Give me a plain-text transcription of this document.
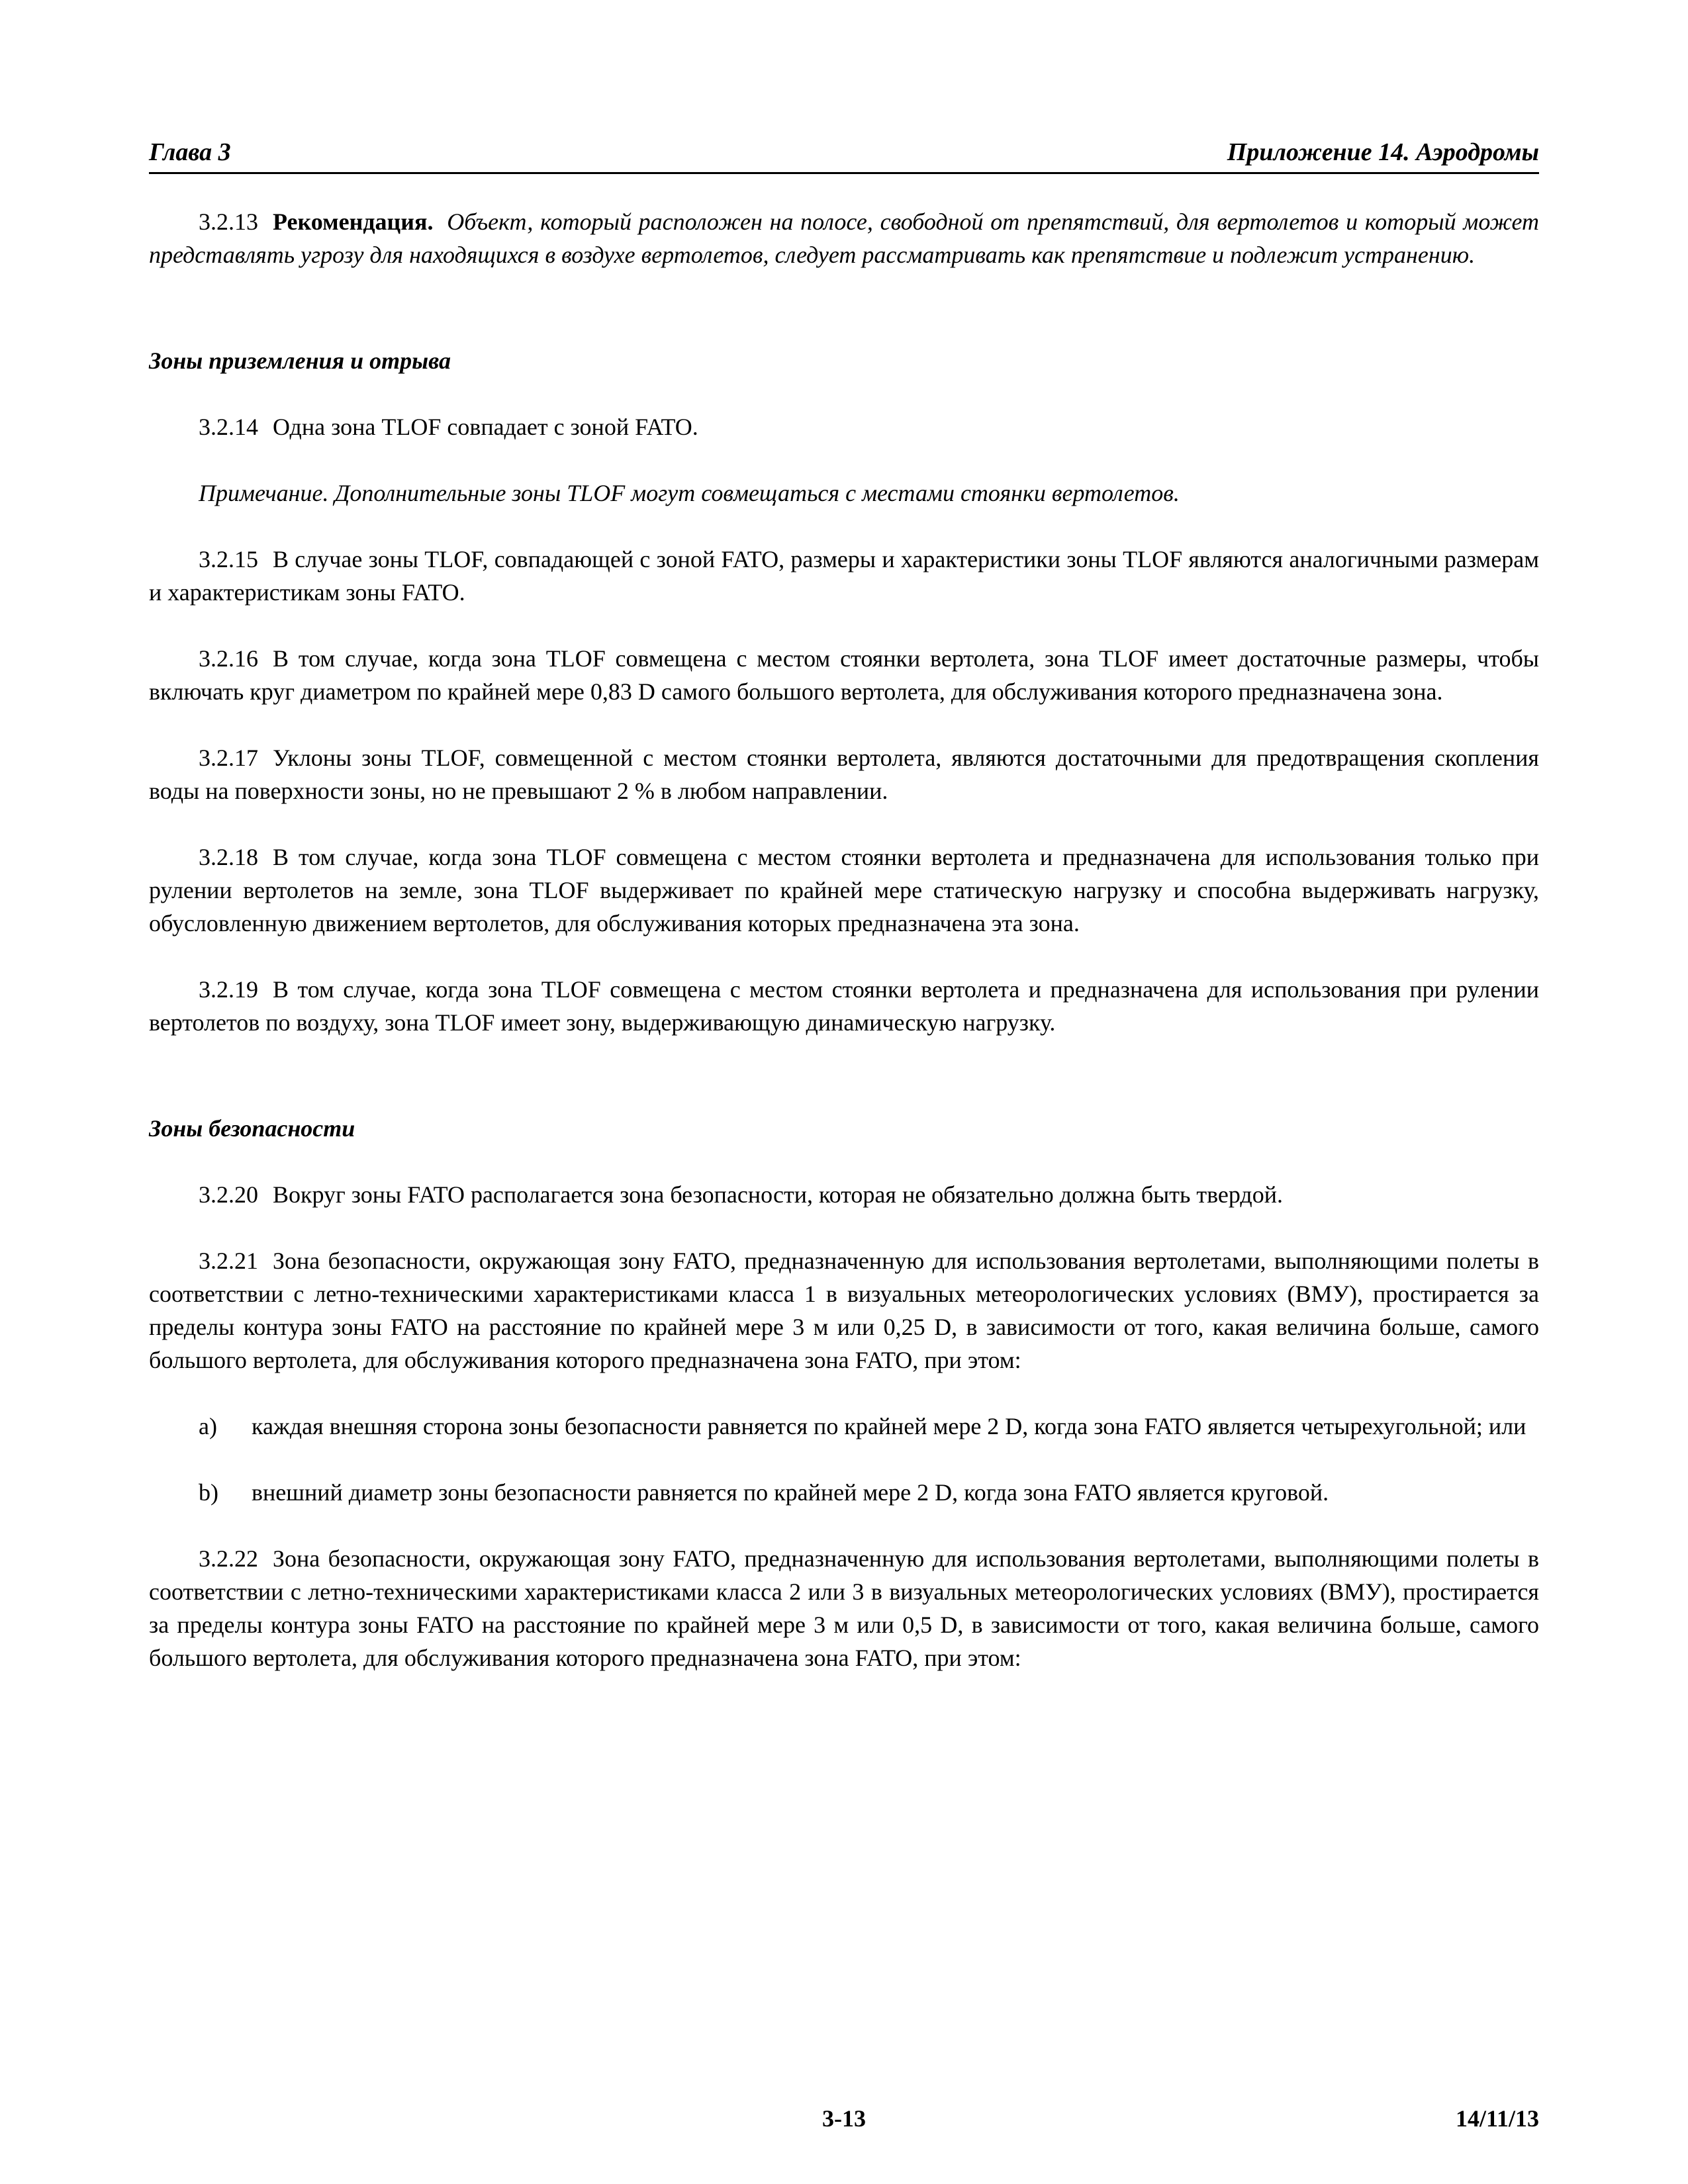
Глава 3	Приложение 14. Аэродромы

3.2.13 Рекомендация. Объект, который расположен на полосе, свободной от препятствий, для вертолетов и который может представлять угрозу для находящихся в воздухе вертолетов, следует рассматривать как препятствие и подлежит устранению.

Зоны приземления и отрыва

3.2.14 Одна зона TLOF совпадает с зоной FATO.

Примечание. Дополнительные зоны TLOF могут совмещаться с местами стоянки вертолетов.

3.2.15 В случае зоны TLOF, совпадающей с зоной FATO, размеры и характеристики зоны TLOF являются аналогичными размерам и характеристикам зоны FATO.

3.2.16 В том случае, когда зона TLOF совмещена с местом стоянки вертолета, зона TLOF имеет достаточные размеры, чтобы включать круг диаметром по крайней мере 0,83 D самого большого вертолета, для обслуживания которого предназначена зона.

3.2.17 Уклоны зоны TLOF, совмещенной с местом стоянки вертолета, являются достаточными для предотвращения скопления воды на поверхности зоны, но не превышают 2 % в любом направлении.

3.2.18 В том случае, когда зона TLOF совмещена с местом стоянки вертолета и предназначена для использования только при рулении вертолетов на земле, зона TLOF выдерживает по крайней мере статическую нагрузку и способна выдерживать нагрузку, обусловленную движением вертолетов, для обслуживания которых предназначена эта зона.

3.2.19 В том случае, когда зона TLOF совмещена с местом стоянки вертолета и предназначена для использования при рулении вертолетов по воздуху, зона TLOF имеет зону, выдерживающую динамическую нагрузку.

Зоны безопасности

3.2.20 Вокруг зоны FATO располагается зона безопасности, которая не обязательно должна быть твердой.

3.2.21 Зона безопасности, окружающая зону FATO, предназначенную для использования вертолетами, выполняющими полеты в соответствии с летно-техническими характеристиками класса 1 в визуальных метеорологических условиях (ВМУ), простирается за пределы контура зоны FATO на расстояние по крайней мере 3 м или 0,25 D, в зависимости от того, какая величина больше, самого большого вертолета, для обслуживания которого предназначена зона FATO, при этом:

a) каждая внешняя сторона зоны безопасности равняется по крайней мере 2 D, когда зона FATO является четырехугольной; или
b) внешний диаметр зоны безопасности равняется по крайней мере 2 D, когда зона FATO является круговой.

3.2.22 Зона безопасности, окружающая зону FATO, предназначенную для использования вертолетами, выполняющими полеты в соответствии с летно-техническими характеристиками класса 2 или 3 в визуальных метеорологических условиях (ВМУ), простирается за пределы контура зоны FATO на расстояние по крайней мере 3 м или 0,5 D, в зависимости от того, какая величина больше, самого большого вертолета, для обслуживания которого предназначена зона FATO, при этом:

3-13	14/11/13
